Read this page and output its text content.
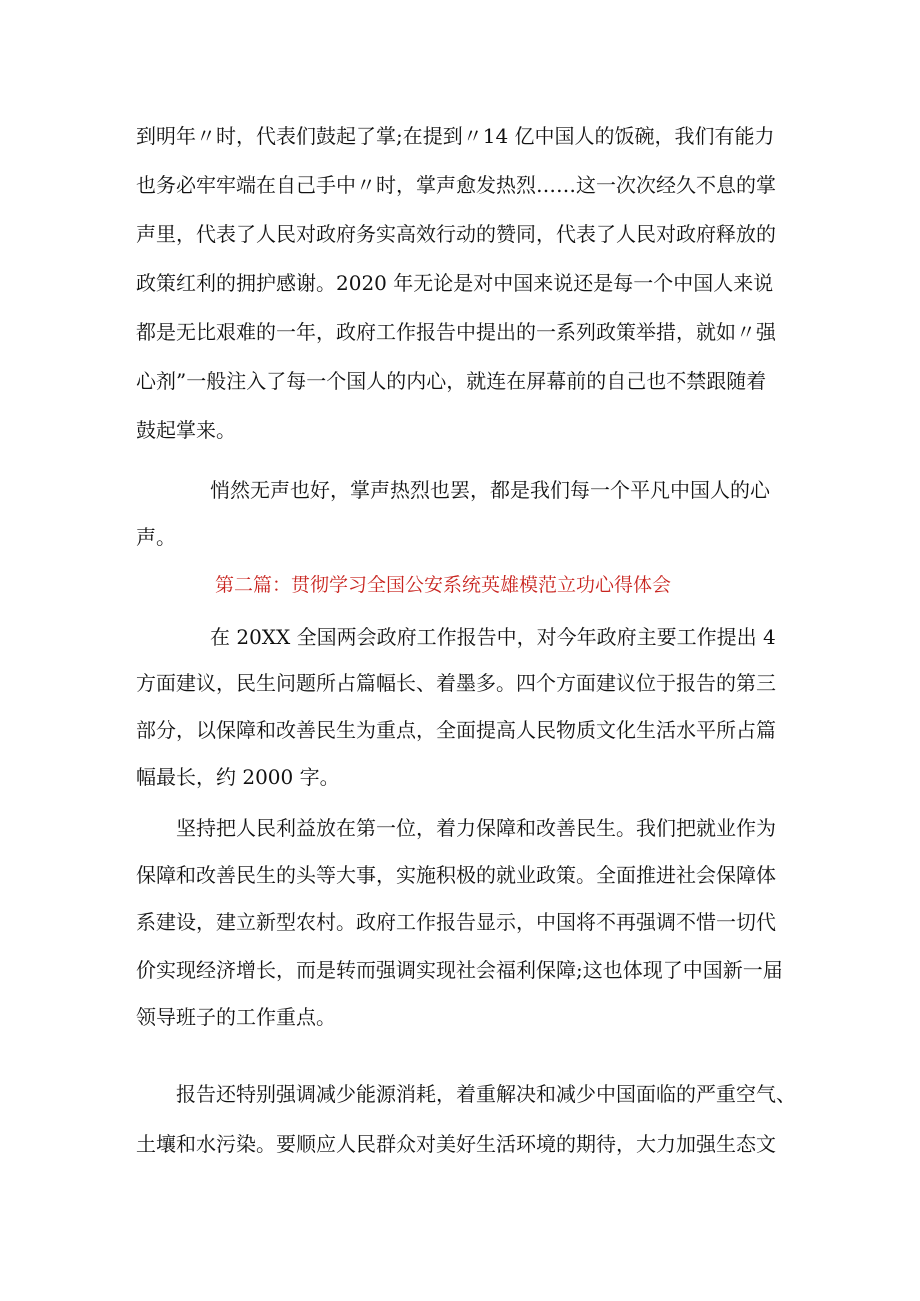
到明年〃时，代表们鼓起了掌;在提到〃14 亿中国人的饭碗，我们有能力

也务必牢牢端在自己手中〃时，掌声愈发热烈……这一次次经久不息的掌

声里，代表了人民对政府务实高效行动的赞同，代表了人民对政府释放的

政策红利的拥护感谢。2020 年无论是对中国来说还是每一个中国人来说

都是无比艰难的一年，政府工作报告中提出的一系列政策举措，就如〃强

心剂”一般注入了每一个国人的内心，就连在屏幕前的自己也不禁跟随着

鼓起掌来。

悄然无声也好，掌声热烈也罢，都是我们每一个平凡中国人的心

声。

第二篇：贯彻学习全国公安系统英雄模范立功心得体会

在 20XX 全国两会政府工作报告中，对今年政府主要工作提出 4

方面建议，民生问题所占篇幅长、着墨多。四个方面建议位于报告的第三

部分，以保障和改善民生为重点，全面提高人民物质文化生活水平所占篇

幅最长，约 2000 字。

坚持把人民利益放在第一位，着力保障和改善民生。我们把就业作为

保障和改善民生的头等大事，实施积极的就业政策。全面推进社会保障体

系建设，建立新型农村。政府工作报告显示，中国将不再强调不惜一切代

价实现经济增长，而是转而强调实现社会福利保障;这也体现了中国新一届

领导班子的工作重点。

报告还特别强调减少能源消耗，着重解决和减少中国面临的严重空气、

土壤和水污染。要顺应人民群众对美好生活环境的期待，大力加强生态文
